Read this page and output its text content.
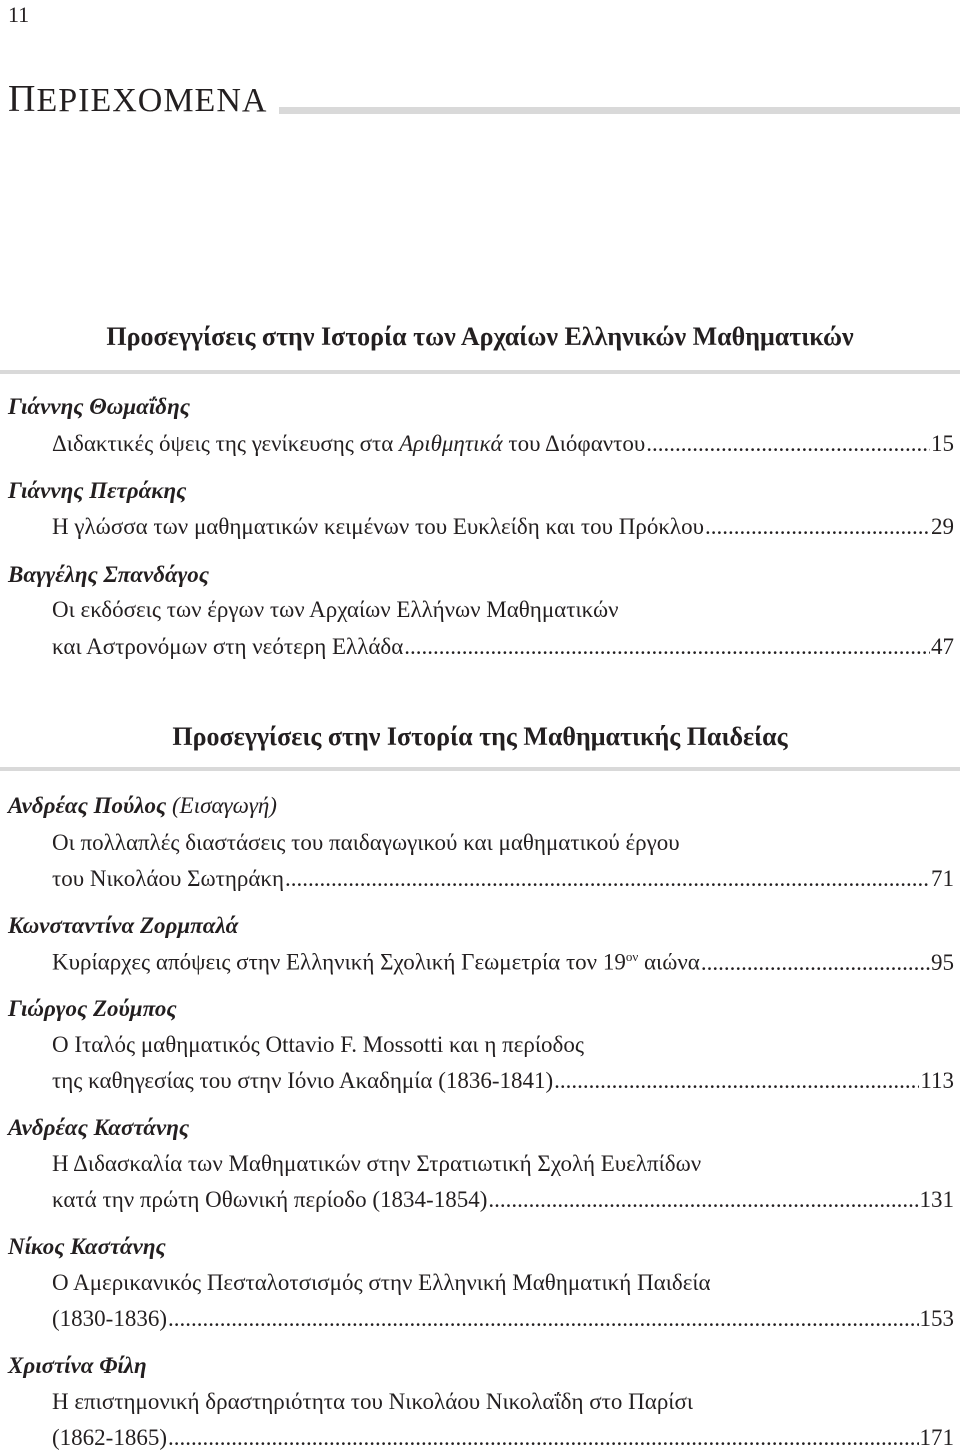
11
ΠΕΡΙΕΧΟΜΕΝΑ
Προσεγγίσεις στην Ιστορία των Αρχαίων Ελληνικών Μαθηματικών
Γιάννης Θωμαΐδης
Διδακτικές όψεις της γενίκευσης στα Αριθμητικά του Διόφαντου .....	15
Γιάννης Πετράκης
Η γλώσσα των μαθηματικών κειμένων του Ευκλείδη και του Πρόκλου .....	29
Βαγγέλης Σπανδάγος
Οι εκδόσεις των έργων των Αρχαίων Ελλήνων Μαθηματικών
και Αστρονόμων στη νεότερη Ελλάδα .....	47
Προσεγγίσεις στην Ιστορία της Μαθηματικής Παιδείας
Ανδρέας Πούλος (Εισαγωγή)
Οι πολλαπλές διαστάσεις του παιδαγωγικού και μαθηματικού έργου
του Νικολάου Σωτηράκη .....	71
Κωνσταντίνα Ζορμπαλά
Κυρίαρχες απόψεις στην Ελληνική Σχολική Γεωμετρία τον $19^{o\nu}$ αιώνα .....	95
Γιώργος Ζούμπος
Ο Ιταλός μαθηματικός Ottavio F. Mossotti και η περίοδος
της καθηγεσίας του στην Ιόνιο Ακαδημία (1836-1841) .....	113
Ανδρέας Καστάνης
Η Διδασκαλία των Μαθηματικών στην Στρατιωτική Σχολή Ευελπίδων
κατά την πρώτη Οθωνική περίοδο (1834-1854) .....	131
Νίκος Καστάνης
Ο Αμερικανικός Πεσταλοτσισμός στην Ελληνική Μαθηματική Παιδεία
(1830-1836) .....	153
Χριστίνα Φίλη
Η επιστημονική δραστηριότητα του Νικολάου Νικολαΐδη στο Παρίσι
(1862-1865) .....	171
